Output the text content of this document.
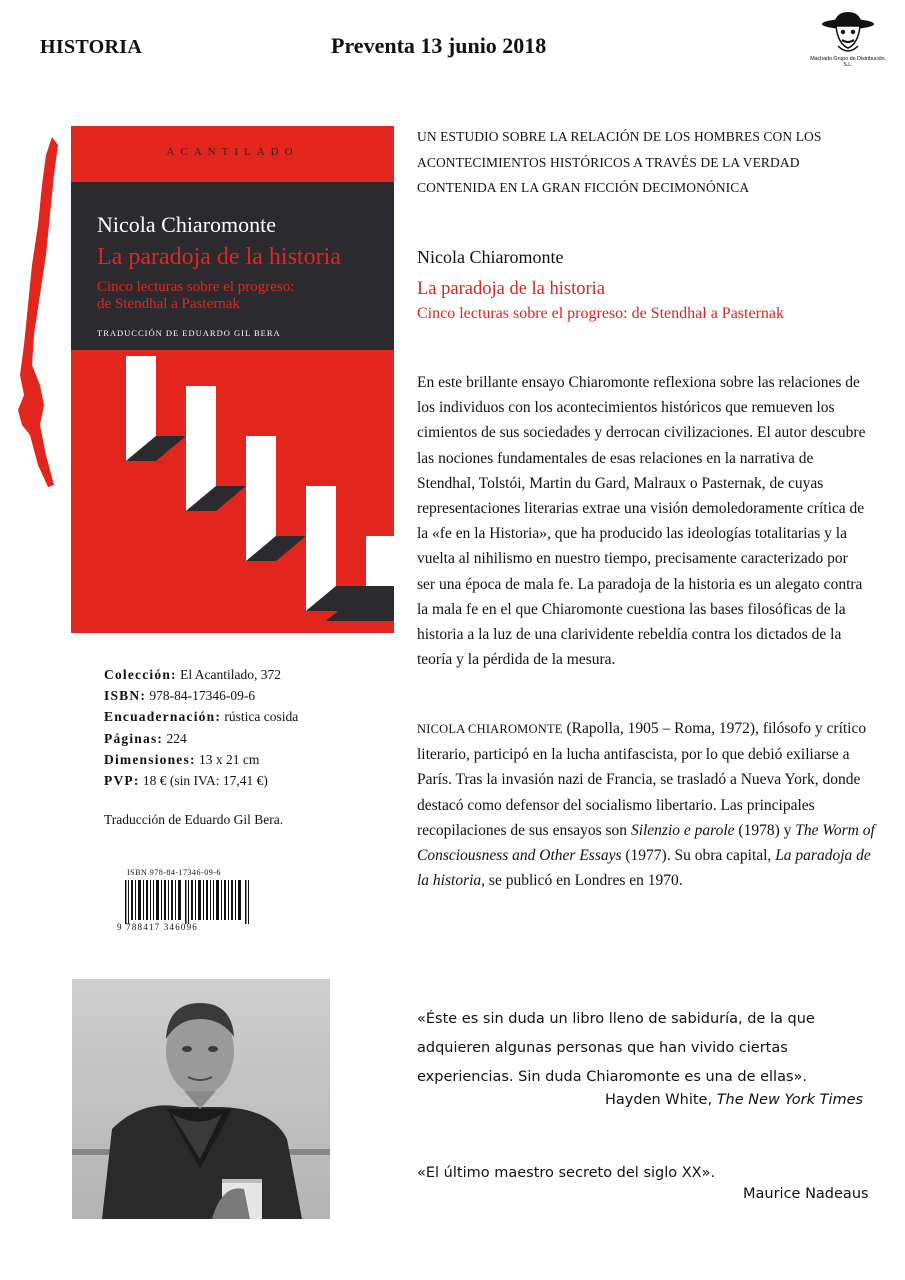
HISTORIA	Preventa 13 junio 2018
Machado Grupo de Distribución, S.L.
ACANTILADO
Nicola Chiaromonte
La paradoja de la historia
Cinco lecturas sobre el progreso:
de Stendhal a Pasternak
TRADUCCIÓN DE EDUARDO GIL BERA
UN ESTUDIO SOBRE LA RELACIÓN DE LOS HOMBRES CON LOS ACONTECIMIENTOS HISTÓRICOS A TRAVÉS DE LA VERDAD CONTENIDA EN LA GRAN FICCIÓN DECIMONÓNICA
Nicola Chiaromonte
La paradoja de la historia
Cinco lecturas sobre el progreso: de Stendhal a Pasternak
En este brillante ensayo Chiaromonte reflexiona sobre las relaciones de los individuos con los acontecimientos históricos que remueven los cimientos de sus sociedades y derrocan civilizaciones. El autor descubre las nociones fundamentales de esas relaciones en la narrativa de Stendhal, Tolstói, Martin du Gard, Malraux o Pasternak, de cuyas representaciones literarias extrae una visión demoledoramente crítica de la «fe en la Historia», que ha producido las ideologías totalitarias y la vuelta al nihilismo en nuestro tiempo, precisamente caracterizado por ser una época de mala fe. La paradoja de la historia es un alegato contra la mala fe en el que Chiaromonte cuestiona las bases filosóficas de la historia a la luz de una clarividente rebeldía contra los dictados de la teoría y la pérdida de la mesura.
NICOLA CHIAROMONTE (Rapolla, 1905 – Roma, 1972), filósofo y crítico literario, participó en la lucha antifascista, por lo que debió exiliarse a París. Tras la invasión nazi de Francia, se trasladó a Nueva York, donde destacó como defensor del socialismo libertario. Las principales recopilaciones de sus ensayos son Silenzio e parole (1978) y The Worm of Consciousness and Other Essays (1977). Su obra capital, La paradoja de la historia, se publicó en Londres en 1970.
Colección: El Acantilado, 372
ISBN: 978-84-17346-09-6
Encuadernación: rústica cosida
Páginas: 224
Dimensiones: 13 x 21 cm
PVP: 18 € (sin IVA: 17,41 €)
Traducción de Eduardo Gil Bera.
ISBN 978-84-17346-09-6
9 788417 346096
«Éste es sin duda un libro lleno de sabiduría, de la que adquieren algunas personas que han vivido ciertas experiencias. Sin duda Chiaromonte es una de ellas».
Hayden White, The New York Times
«El último maestro secreto del siglo XX».
Maurice Nadeaus
